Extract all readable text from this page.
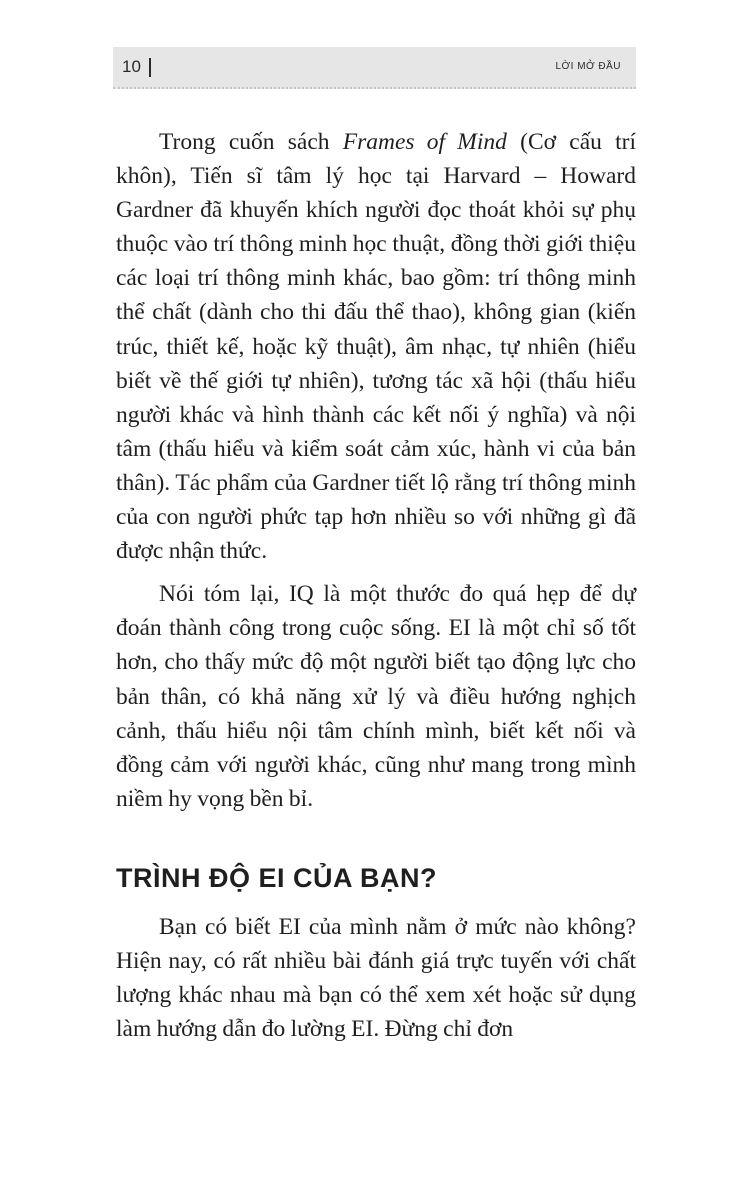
10	LỜI MỞ ĐẦU

Trong cuốn sách Frames of Mind (Cơ cấu trí khôn), Tiến sĩ tâm lý học tại Harvard – Howard Gardner đã khuyến khích người đọc thoát khỏi sự phụ thuộc vào trí thông minh học thuật, đồng thời giới thiệu các loại trí thông minh khác, bao gồm: trí thông minh thể chất (dành cho thi đấu thể thao), không gian (kiến trúc, thiết kế, hoặc kỹ thuật), âm nhạc, tự nhiên (hiểu biết về thế giới tự nhiên), tương tác xã hội (thấu hiểu người khác và hình thành các kết nối ý nghĩa) và nội tâm (thấu hiểu và kiểm soát cảm xúc, hành vi của bản thân). Tác phẩm của Gardner tiết lộ rằng trí thông minh của con người phức tạp hơn nhiều so với những gì đã được nhận thức.

Nói tóm lại, IQ là một thước đo quá hẹp để dự đoán thành công trong cuộc sống. EI là một chỉ số tốt hơn, cho thấy mức độ một người biết tạo động lực cho bản thân, có khả năng xử lý và điều hướng nghịch cảnh, thấu hiểu nội tâm chính mình, biết kết nối và đồng cảm với người khác, cũng như mang trong mình niềm hy vọng bền bỉ.

TRÌNH ĐỘ EI CỦA BẠN?

Bạn có biết EI của mình nằm ở mức nào không? Hiện nay, có rất nhiều bài đánh giá trực tuyến với chất lượng khác nhau mà bạn có thể xem xét hoặc sử dụng làm hướng dẫn đo lường EI. Đừng chỉ đơn
